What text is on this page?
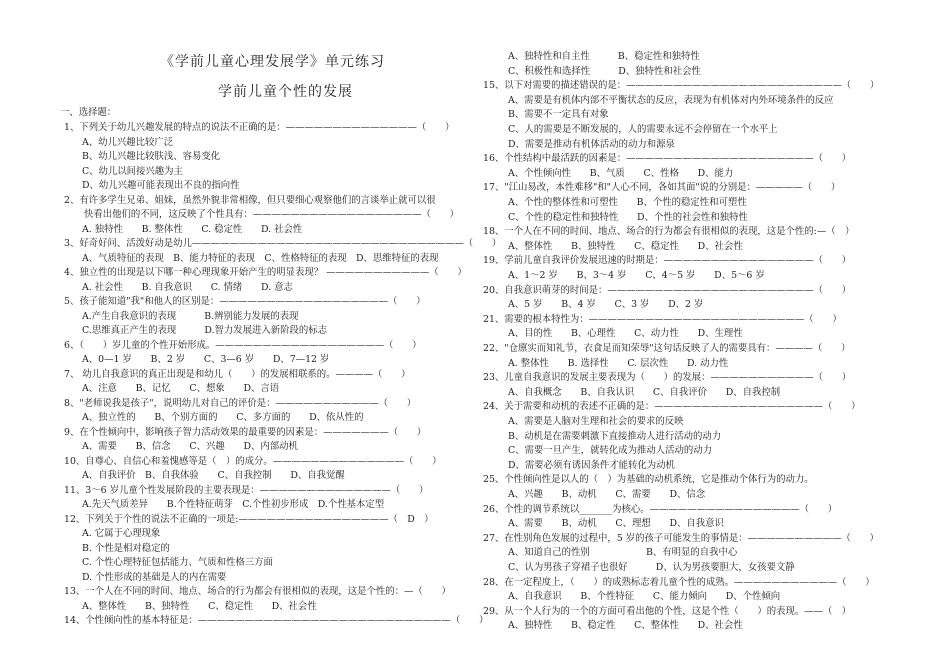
《学前儿童心理发展学》单元练习
学前儿童个性的发展
一、选择题：
1、下列关于幼儿兴趣发展的特点的说法不正确的是：——————————————（　　）
A、幼儿兴趣比较广泛
B、幼儿兴趣比较肤浅、容易变化
C、幼儿以间接兴趣为主
D、幼儿兴趣可能表现出不良的指向性
2、有许多学生兄弟、姐妹，虽然外貌非常相像，但只要细心观察他们的言谈举止就可以很
快看出他们的不同，这反映了个性具有：——————————————————（　　）
A. 独特性　　B. 整体性　　C. 稳定性　　D. 社会性
3、好奇好问、活泼好动是幼儿—————————————————————————————（　　）
A、气质特征的表现　B、能力特征的表现　C、性格特征的表现　D、思维特征的表现
4、独立性的出现是以下哪一种心理现象开始产生的明显表现？ ———————————（　　）
A. 社会性　　B. 自我意识　　C. 情绪　　D. 意志
5、孩子能知道"我"和他人的区别是：——————————————————（　　）
A.产生自我意识的表现　　　B.辨别能力发展的表现
C.思维真正产生的表现　　　D.智力发展进入新阶段的标志
6、（　　）岁儿童的个性开始形成。——————————————————（　　）
A、0—1 岁　　B、2 岁　　C、3—6 岁　　D、7—12 岁
7、 幼儿自我意识的真正出现是和幼儿（　　）的发展相联系的。————（　　）
A、注意　　B、记忆　　C、想象　　D、言语
8、"老师说我是孩子"，说明幼儿对自己的评价是：———————————（　　）
A、独立性的　　B、个别方面的　　C、多方面的　　D、依从性的
9、在个性倾向中，影响孩子智力活动效果的最重要的因素是：———————（　　）
A、需要　　B、信念　　C、兴趣　　D、内部动机
10、自尊心、自信心和羞愧感等是（　）的成分。——————————————（　　）
A、自我评价　B、自我体验　　C、自我控制　　D、自我觉醒
11、3～6 岁儿童个性发展阶段的主要表现是：——————————————（　　）
A.先天气质差异　　B.个性特征萌芽　C.个性初步形成　D.个性基本定型
12、下列关于个性的说法不正确的一项是:————————————————（　D　）
A. 它属于心理现象
B. 个性是相对稳定的
C. 个性心理特征包括能力、气质和性格三方面
D. 个性形成的基础是人的内在需要
13、一个人在不同的时间、地点、场合的行为都会有很相似的表现，这是个性的：—（　　）
A、整体性　　B、独特性　　C、稳定性　　D、社会性
14、个性倾向性的基本特征是：———————————————————————————（　　）
A、独特性和自主性　　　B、稳定性和独特性
C、积极性和选择性　　　D、独特性和社会性
15、以下对需要的描述错误的是：———————————————————————（　　）
A、需要是有机体内部不平衡状态的反应，表现为有机体对内外环境条件的反应
B、需要不一定具有对象
C、人的需要是不断发展的，人的需要永远不会停留在一个水平上
D、需要是推动有机体活动的动力和源泉
16、个性结构中最活跃的因素是：————————————————————（　　）
A、个性倾向性　　B、气质　　C、性格　　D、能力
17、"江山易改，本性难移"和"人心不同，各如其面"说的分别是：—————（　　）
A、个性的整体性和可塑性　　B、个性的稳定性和可塑性
C、个性的稳定性和独特性　　D、个性的社会性和独特性
18、一个人在不同的时间、地点、场合的行为都会有很相似的表现，这是个性的:—（　）
A、整体性　　B、独特性　　C、稳定性　　D、社会性
19、学前儿童自我评价发展迅速的时期是：————————————————（　　）
A、1～2 岁　　B、3～4 岁　　C、4～5 岁　　D、5～6 岁
20、自我意识萌芽的时间是：——————————————————————（　　）
A、5 岁　　B、4 岁　　C、3 岁　　D、2 岁
21、需要的根本特性为：———————————————————————（　　）
A、目的性　　B、心理性　　C、动力性　　D、生理性
22、"仓廪实而知礼节，衣食足而知荣辱"这句话反映了人的需要具有：————（　　）
A. 整体性　　B. 选择性　　C. 层次性　　D. 动力性
23、儿童自我意识的发展主要表现为（　　）的发展：———————————（　　）
A、自我概念　　B、自我认识　　C、自我评价　　D、自我控制
24、关于需要和动机的表述不正确的是：——————————————————（　　）
A、需要是人脑对生理和社会的要求的反映
B、动机是在需要刺激下直接推动人进行活动的动力
C、需要一旦产生，就转化成为推动人活动的动力
D、需要必须有诱因条件才能转化为动机
25、个性倾向性是以人的（　）为基础的动机系统，它是推动个体行为的动力。
A、兴趣　　B、动机　　C、需要　　D、信念
26、个性的调节系统以_______为核心。————————————————（　　）
A、需要　　B、动机　　C、理想　　D、自我意识
27、在性别角色发展的过程中，5 岁的孩子可能发生的事情是：——————————（　　）
A、知道自己的性别　　　　　　B、有明显的自我中心
C、认为男孩子穿裙子也很好　　　D、认为男孩要胆大，女孩要文静
28、在一定程度上，（　　）的成熟标志着儿童个性的成熟。———————————（　　）
A、自我意识　　B、个性特征　　C、能力倾向　　D、个性倾向
29、从一个人行为的一个的方面可看出他的个性，这是个性（　　）的表现。——（　）
A、独特性　　B、稳定性　　C、整体性　　D、社会性
